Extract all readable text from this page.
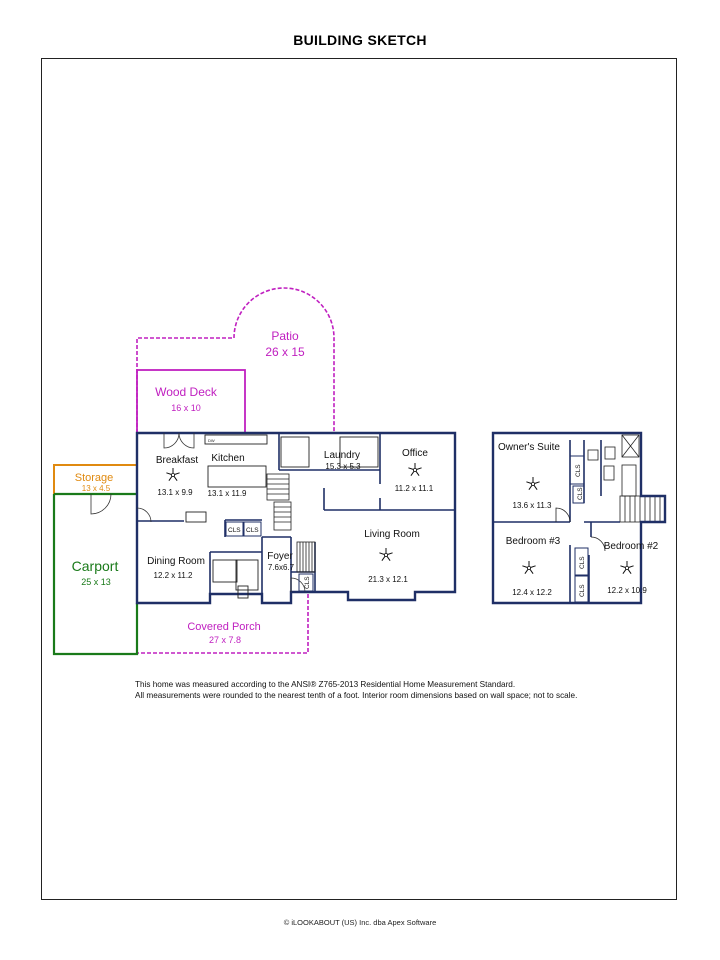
BUILDING SKETCH
DW
CLS CLS
CLS
CLS
CLS
CLS
CLS
Patio
26 x 15
Wood Deck
16 x 10
Storage
13 x 4.5
Carport
25 x 13
Covered Porch
27 x 7.8
Breakfast
13.1 x 9.9
Kitchen
13.1 x 11.9
Laundry
15.3 x 5.3
Office
11.2 x 11.1
Dining Room
12.2 x 11.2
Foyer
7.6x6.7
Living Room
21.3 x 12.1
Owner's Suite
13.6 x 11.3
Bedroom #3
12.4 x 12.2
Bedroom #2
12.2 x 10.9
This home was measured according to the ANSI® Z765-2013 Residential Home Measurement Standard.
All measurements were rounded to the nearest tenth of a foot. Interior room dimensions based on wall space; not to scale.
© iLOOKABOUT (US) Inc. dba Apex Software
